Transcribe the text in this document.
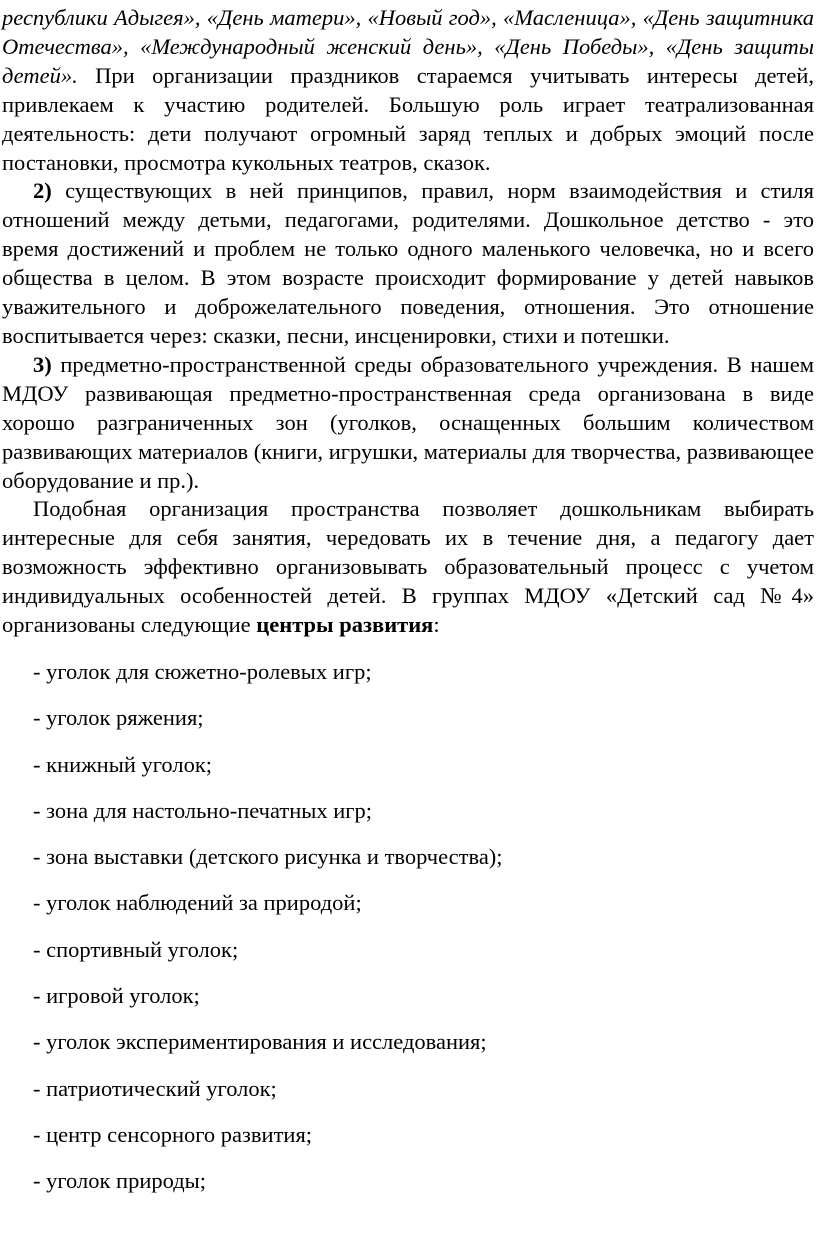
республики Адыгея», «День матери», «Новый год», «Масленица», «День защитника Отечества», «Международный женский день», «День Победы», «День защиты детей». При организации праздников стараемся учитывать интересы детей, привлекаем к участию родителей. Большую роль играет театрализованная деятельность: дети получают огромный заряд теплых и добрых эмоций после постановки, просмотра кукольных театров, сказок.

2) существующих в ней принципов, правил, норм взаимодействия и стиля отношений между детьми, педагогами, родителями. Дошкольное детство - это время достижений и проблем не только одного маленького человечка, но и всего общества в целом. В этом возрасте происходит формирование у детей навыков уважительного и доброжелательного поведения, отношения. Это отношение воспитывается через: сказки, песни, инсценировки, стихи и потешки.

3) предметно-пространственной среды образовательного учреждения. В нашем МДОУ развивающая предметно-пространственная среда организована в виде хорошо разграниченных зон (уголков, оснащенных большим количеством развивающих материалов (книги, игрушки, материалы для творчества, развивающее оборудование и пр.).

Подобная организация пространства позволяет дошкольникам выбирать интересные для себя занятия, чередовать их в течение дня, а педагогу дает возможность эффективно организовывать образовательный процесс с учетом индивидуальных особенностей детей. В группах МДОУ «Детский сад №4» организованы следующие центры развития:

- уголок для сюжетно-ролевых игр;
- уголок ряжения;
- книжный уголок;
- зона для настольно-печатных игр;
- зона выставки (детского рисунка и творчества);
- уголок наблюдений за природой;
- спортивный уголок;
- игровой уголок;
- уголок экспериментирования и исследования;
- патриотический уголок;
- центр сенсорного развития;
- уголок природы;
